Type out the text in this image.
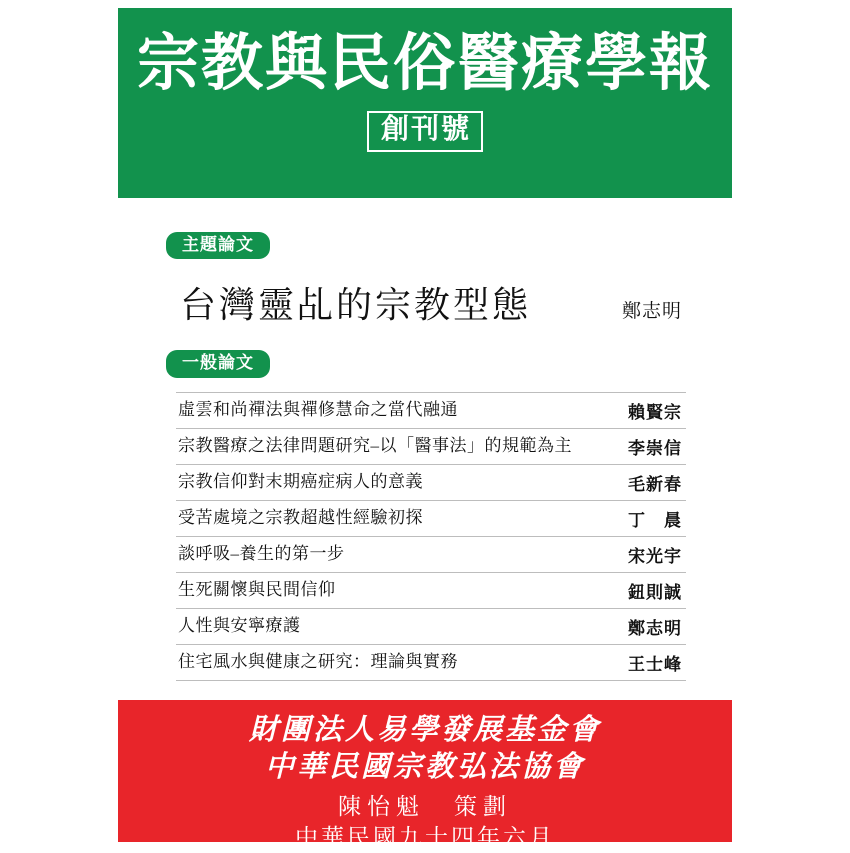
宗教與民俗醫療學報
創刊號
主題論文
台灣靈乩的宗教型態	鄭志明
一般論文
虛雲和尚禪法與禪修慧命之當代融通	賴賢宗
宗教醫療之法律問題研究–以「醫事法」的規範為主	李崇信
宗教信仰對末期癌症病人的意義	毛新春
受苦處境之宗教超越性經驗初探	丁　晨
談呼吸–養生的第一步	宋光宇
生死關懷與民間信仰	鈕則誠
人性與安寧療護	鄭志明
住宅風水與健康之研究：理論與實務	王士峰
財團法人易學發展基金會
中華民國宗教弘法協會
陳怡魁　策劃
中華民國九十四年六月
